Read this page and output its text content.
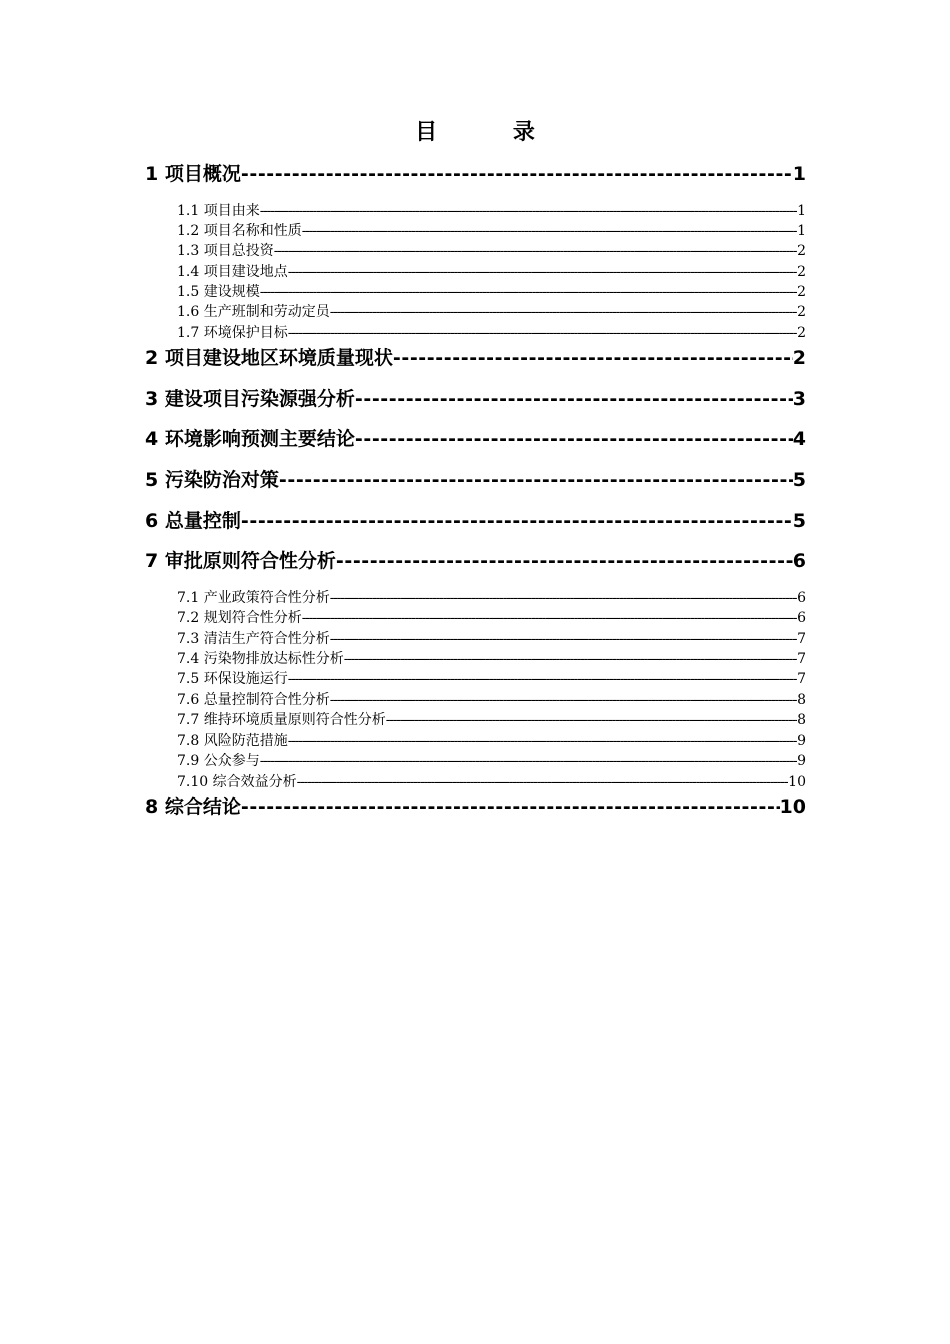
目 录
1 项目概况 -----	1
1.1 项目由来 -----	1
1.2 项目名称和性质 -----	1
1.3 项目总投资 -----	2
1.4 项目建设地点 -----	2
1.5 建设规模 -----	2
1.6 生产班制和劳动定员 -----	2
1.7 环境保护目标 -----	2
2 项目建设地区环境质量现状 -----	2
3 建设项目污染源强分析 -----	3
4 环境影响预测主要结论 -----	4
5 污染防治对策 -----	5
6 总量控制 -----	5
7 审批原则符合性分析 -----	6
7.1 产业政策符合性分析 -----	6
7.2 规划符合性分析 -----	6
7.3 清洁生产符合性分析 -----	7
7.4 污染物排放达标性分析 -----	7
7.5 环保设施运行 -----	7
7.6 总量控制符合性分析 -----	8
7.7 维持环境质量原则符合性分析 -----	8
7.8 风险防范措施 -----	9
7.9 公众参与 -----	9
7.10 综合效益分析 -----	10
8 综合结论 -----	10
